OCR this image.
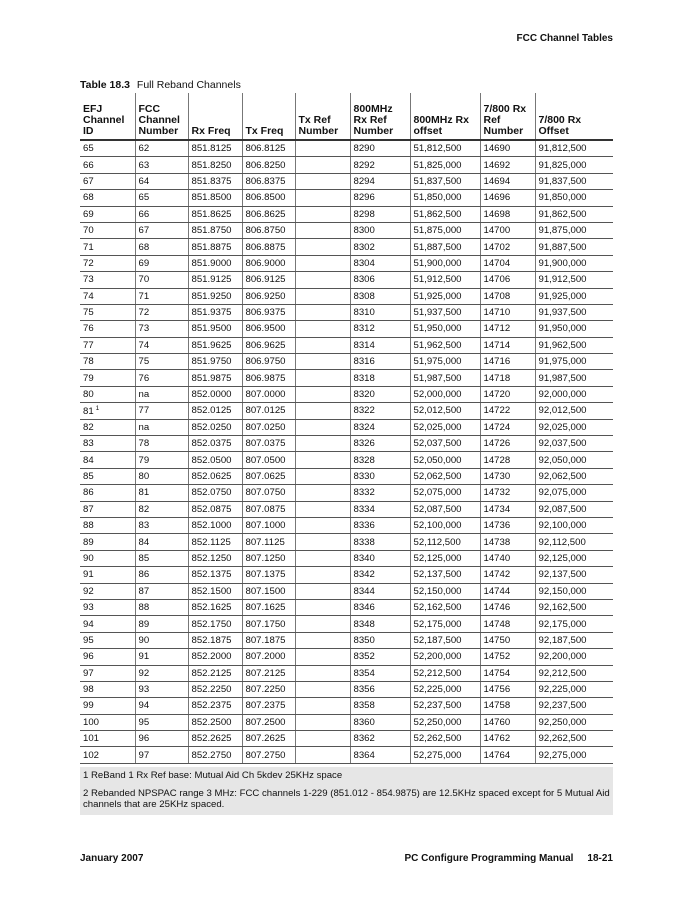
FCC Channel Tables
Table 18.3 Full Reband Channels
EFJ Channel ID	FCC Channel Number	Rx Freq	Tx Freq	Tx Ref Number	800MHz Rx Ref Number	800MHz Rx offset	7/800 Rx Ref Number	7/800 Rx Offset
65	62	851.8125	806.8125		8290	51,812,500	14690	91,812,500
66	63	851.8250	806.8250		8292	51,825,000	14692	91,825,000
67	64	851.8375	806.8375		8294	51,837,500	14694	91,837,500
68	65	851.8500	806.8500		8296	51,850,000	14696	91,850,000
69	66	851.8625	806.8625		8298	51,862,500	14698	91,862,500
70	67	851.8750	806.8750		8300	51,875,000	14700	91,875,000
71	68	851.8875	806.8875		8302	51,887,500	14702	91,887,500
72	69	851.9000	806.9000		8304	51,900,000	14704	91,900,000
73	70	851.9125	806.9125		8306	51,912,500	14706	91,912,500
74	71	851.9250	806.9250		8308	51,925,000	14708	91,925,000
75	72	851.9375	806.9375		8310	51,937,500	14710	91,937,500
76	73	851.9500	806.9500		8312	51,950,000	14712	91,950,000
77	74	851.9625	806.9625		8314	51,962,500	14714	91,962,500
78	75	851.9750	806.9750		8316	51,975,000	14716	91,975,000
79	76	851.9875	806.9875		8318	51,987,500	14718	91,987,500
80	na	852.0000	807.0000		8320	52,000,000	14720	92,000,000
81 $^1$	77	852.0125	807.0125		8322	52,012,500	14722	92,012,500
82	na	852.0250	807.0250		8324	52,025,000	14724	92,025,000
83	78	852.0375	807.0375		8326	52,037,500	14726	92,037,500
84	79	852.0500	807.0500		8328	52,050,000	14728	92,050,000
85	80	852.0625	807.0625		8330	52,062,500	14730	92,062,500
86	81	852.0750	807.0750		8332	52,075,000	14732	92,075,000
87	82	852.0875	807.0875		8334	52,087,500	14734	92,087,500
88	83	852.1000	807.1000		8336	52,100,000	14736	92,100,000
89	84	852.1125	807.1125		8338	52,112,500	14738	92,112,500
90	85	852.1250	807.1250		8340	52,125,000	14740	92,125,000
91	86	852.1375	807.1375		8342	52,137,500	14742	92,137,500
92	87	852.1500	807.1500		8344	52,150,000	14744	92,150,000
93	88	852.1625	807.1625		8346	52,162,500	14746	92,162,500
94	89	852.1750	807.1750		8348	52,175,000	14748	92,175,000
95	90	852.1875	807.1875		8350	52,187,500	14750	92,187,500
96	91	852.2000	807.2000		8352	52,200,000	14752	92,200,000
97	92	852.2125	807.2125		8354	52,212,500	14754	92,212,500
98	93	852.2250	807.2250		8356	52,225,000	14756	92,225,000
99	94	852.2375	807.2375		8358	52,237,500	14758	92,237,500
100	95	852.2500	807.2500		8360	52,250,000	14760	92,250,000
101	96	852.2625	807.2625		8362	52,262,500	14762	92,262,500
102	97	852.2750	807.2750		8364	52,275,000	14764	92,275,000

1 ReBand 1 Rx Ref base: Mutual Aid Ch 5kdev 25KHz space

2 Rebanded NPSPAC range 3 MHz: FCC channels 1-229 (851.012 - 854.9875) are 12.5KHz spaced except for 5 Mutual Aid channels that are 25KHz spaced.

January 2007	PC Configure Programming Manual 18-21
